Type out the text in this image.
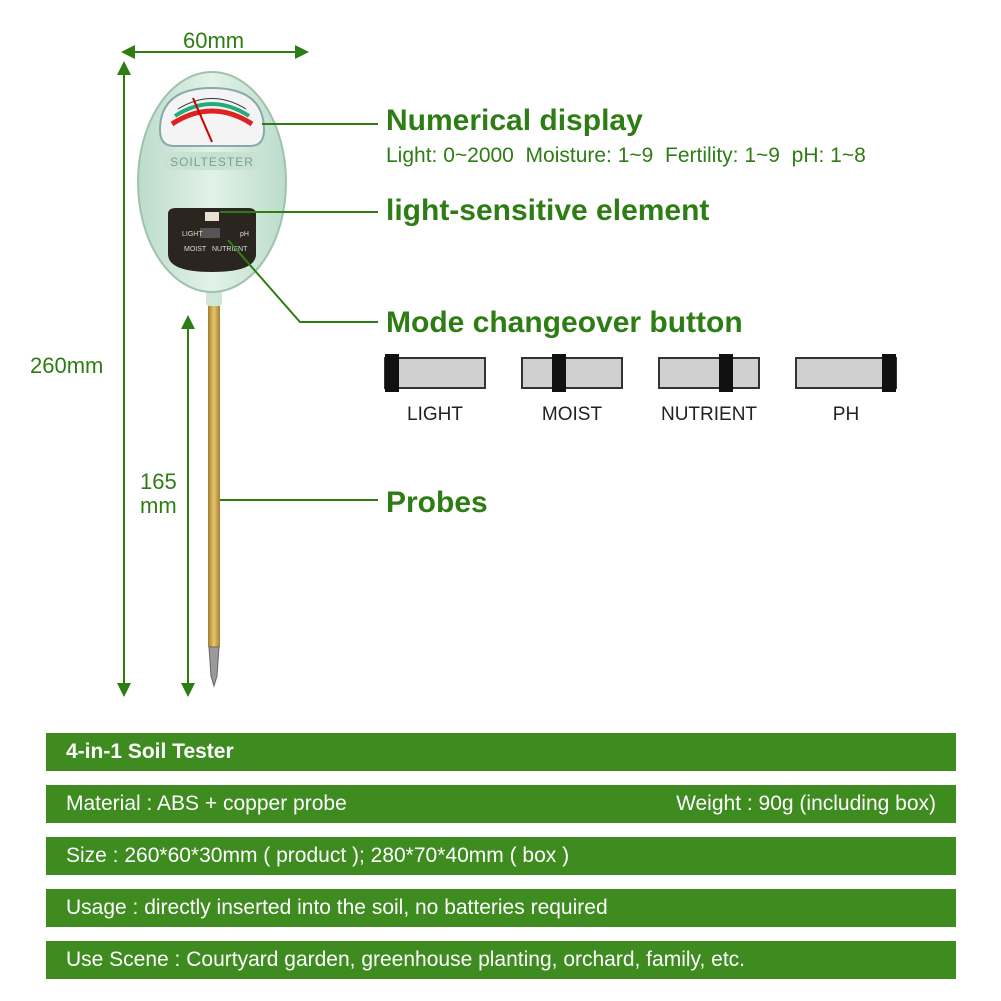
SOILTESTER
LIGHT	pH
MOIST NUTRIENT
60mm
260mm
165
mm
Numerical display
Light: 0~2000  Moisture: 1~9  Fertility: 1~9  pH: 1~8
light-sensitive element
Mode changeover button
Probes
LIGHT	MOIST	NUTRIENT	PH
4-in-1 Soil Tester
Material : ABS + copper probe	Weight : 90g (including box)
Size : 260*60*30mm ( product ); 280*70*40mm ( box )
Usage : directly inserted into the soil, no batteries required
Use Scene : Courtyard garden, greenhouse planting, orchard, family, etc.
